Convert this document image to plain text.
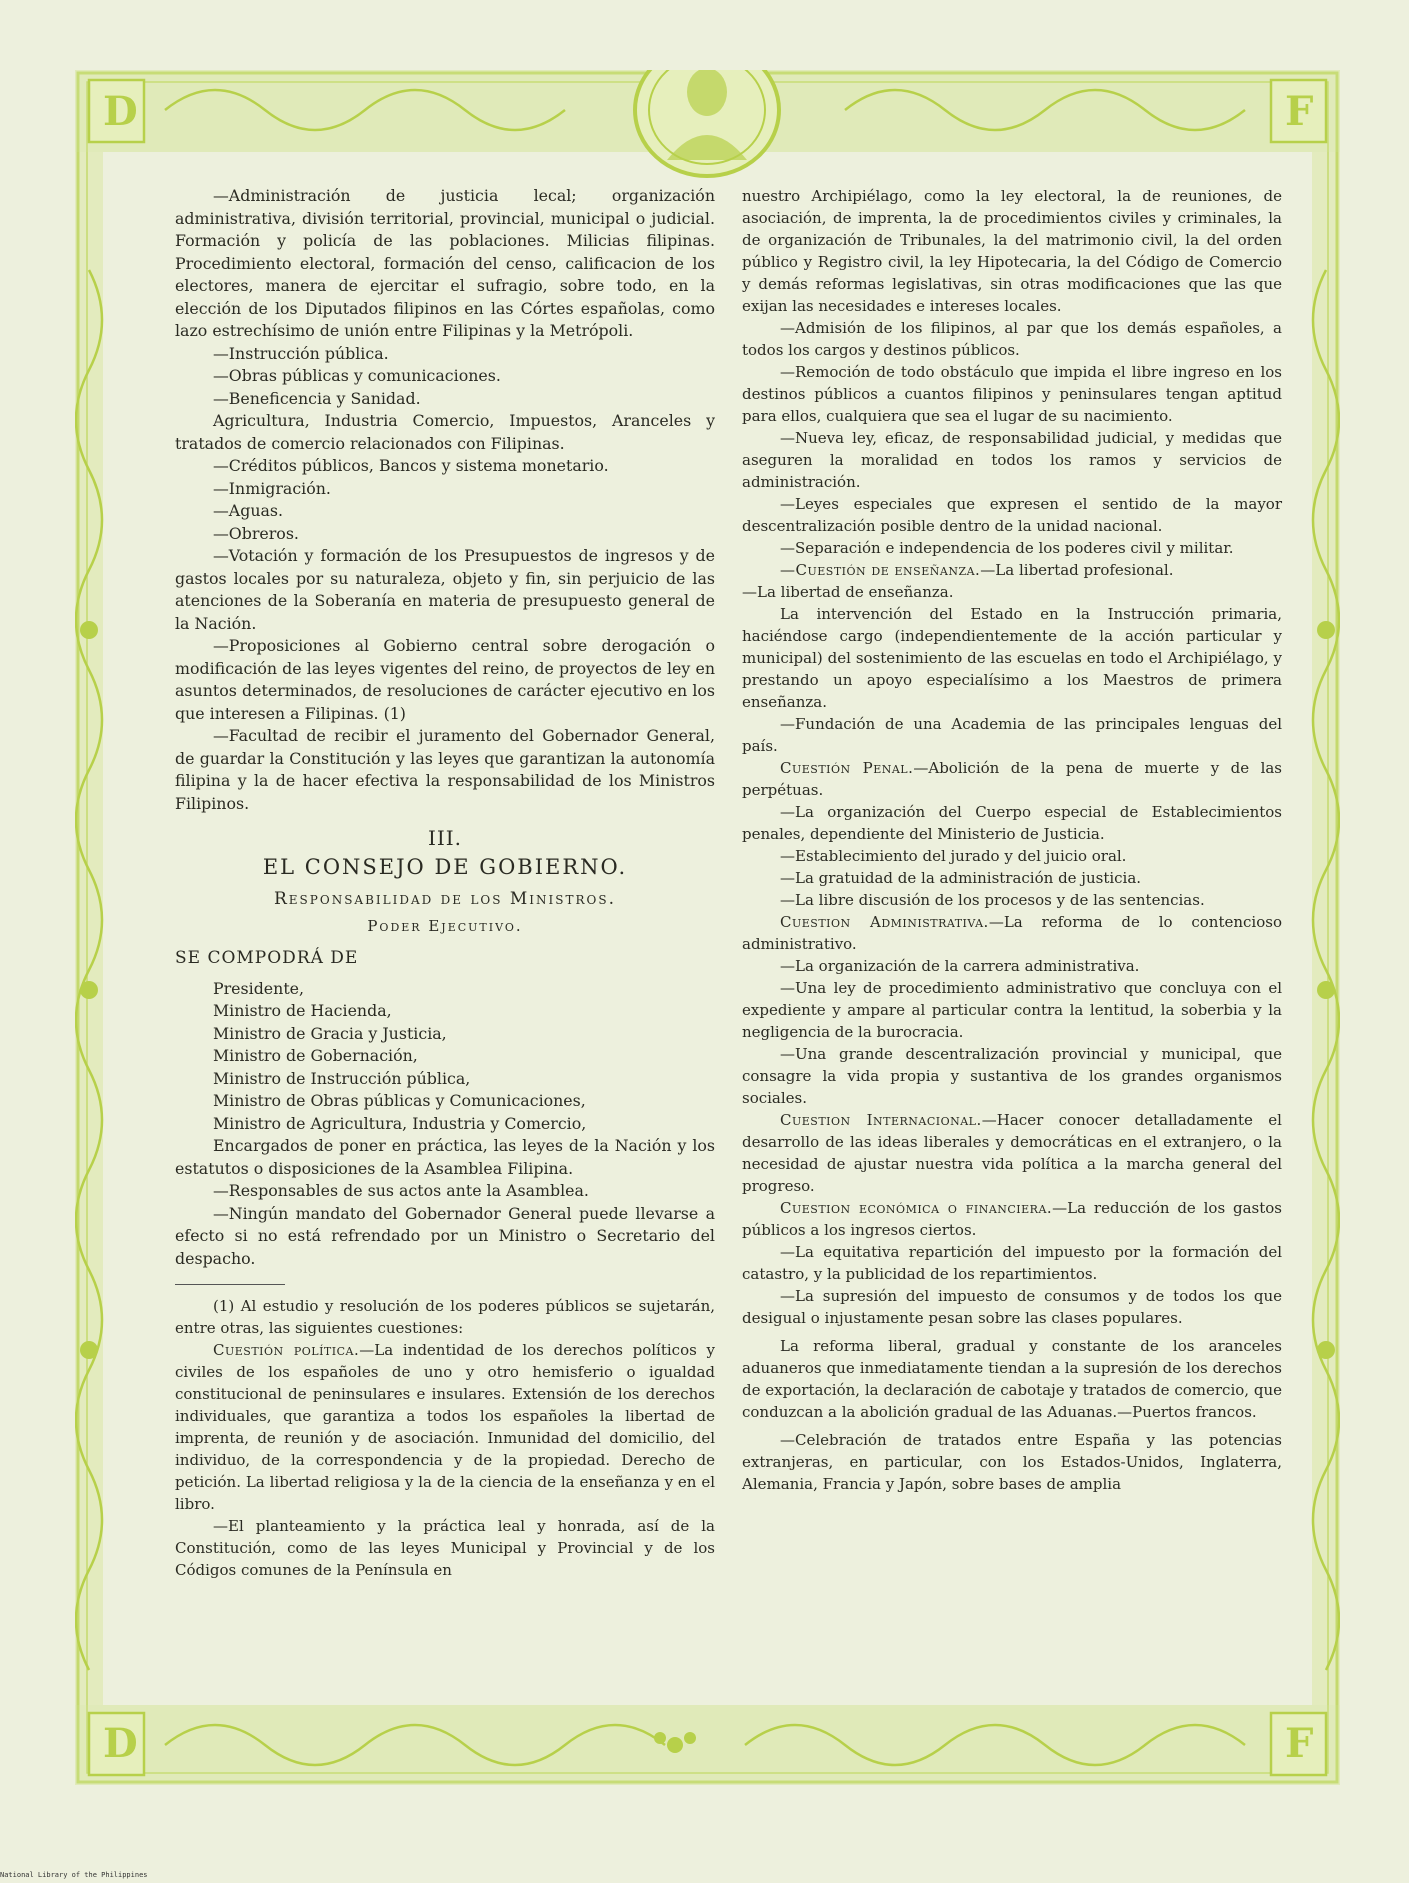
D	F
D	F

—Administración de justicia lecal; organización administrativa, división territorial, provincial, municipal o judicial. Formación y policía de las poblaciones. Milicias filipinas. Procedimiento electoral, formación del censo, calificacion de los electores, manera de ejercitar el sufragio, sobre todo, en la elección de los Diputados filipinos en las Córtes españolas, como lazo estrechísimo de unión entre Filipinas y la Metrópoli.

—Instrucción pública.

—Obras públicas y comunicaciones.

—Beneficencia y Sanidad.

Agricultura, Industria Comercio, Impuestos, Aranceles y tratados de comercio relacionados con Filipinas.

—Créditos públicos, Bancos y sistema monetario.

—Inmigración.

—Aguas.

—Obreros.

—Votación y formación de los Presupuestos de ingresos y de gastos locales por su naturaleza, objeto y fin, sin perjuicio de las atenciones de la Soberanía en materia de presupuesto general de la Nación.

—Proposiciones al Gobierno central sobre derogación o modificación de las leyes vigentes del reino, de proyectos de ley en asuntos determinados, de resoluciones de carácter ejecutivo en los que interesen a Filipinas. (1)

—Facultad de recibir el juramento del Gobernador General, de guardar la Constitución y las leyes que garantizan la autonomía filipina y la de hacer efectiva la responsabilidad de los Ministros Filipinos.

III.
EL CONSEJO DE GOBIERNO.
Responsabilidad de los Ministros.
Poder Ejecutivo.
SE COMPODRÁ DE
Presidente,
Ministro de Hacienda,
Ministro de Gracia y Justicia,
Ministro de Gobernación,
Ministro de Instrucción pública,
Ministro de Obras públicas y Comunicaciones,
Ministro de Agricultura, Industria y Comercio,

Encargados de poner en práctica, las leyes de la Nación y los estatutos o disposiciones de la Asamblea Filipina.

—Responsables de sus actos ante la Asamblea.

—Ningún mandato del Gobernador General puede llevarse a efecto si no está refrendado por un Ministro o Secretario del despacho.

(1) Al estudio y resolución de los poderes públicos se sujetarán, entre otras, las siguientes cuestiones:

Cuestión política.—La indentidad de los derechos políticos y civiles de los españoles de uno y otro hemisferio o igualdad constitucional de peninsulares e insulares. Extensión de los derechos individuales, que garantiza a todos los españoles la libertad de imprenta, de reunión y de asociación. Inmunidad del domicilio, del individuo, de la correspondencia y de la propiedad. Derecho de petición. La libertad religiosa y la de la ciencia de la enseñanza y en el libro.

—El planteamiento y la práctica leal y honrada, así de la Constitución, como de las leyes Municipal y Provincial y de los Códigos comunes de la Península en

nuestro Archipiélago, como la ley electoral, la de reuniones, de asociación, de imprenta, la de procedimientos civiles y criminales, la de organización de Tribunales, la del matrimonio civil, la del orden público y Registro civil, la ley Hipotecaria, la del Código de Comercio y demás reformas legislativas, sin otras modificaciones que las que exijan las necesidades e intereses locales.

—Admisión de los filipinos, al par que los demás españoles, a todos los cargos y destinos públicos.

—Remoción de todo obstáculo que impida el libre ingreso en los destinos públicos a cuantos filipinos y peninsulares tengan aptitud para ellos, cualquiera que sea el lugar de su nacimiento.

—Nueva ley, eficaz, de responsabilidad judicial, y medidas que aseguren la moralidad en todos los ramos y servicios de administración.

—Leyes especiales que expresen el sentido de la mayor descentralización posible dentro de la unidad nacional.

—Separación e independencia de los poderes civil y militar.

—Cuestión de enseñanza.—La libertad profesional.

—La libertad de enseñanza.

La intervención del Estado en la Instrucción primaria, haciéndose cargo (independientemente de la acción particular y municipal) del sostenimiento de las escuelas en todo el Archipiélago, y prestando un apoyo especialísimo a los Maestros de primera enseñanza.

—Fundación de una Academia de las principales lenguas del país.

Cuestión Penal.—Abolición de la pena de muerte y de las perpétuas.

—La organización del Cuerpo especial de Establecimientos penales, dependiente del Ministerio de Justicia.

—Establecimiento del jurado y del juicio oral.

—La gratuidad de la administración de justicia.

—La libre discusión de los procesos y de las sentencias.

Cuestion Administrativa.—La reforma de lo contencioso administrativo.

—La organización de la carrera administrativa.

—Una ley de procedimiento administrativo que concluya con el expediente y ampare al particular contra la lentitud, la soberbia y la negligencia de la burocracia.

—Una grande descentralización provincial y municipal, que consagre la vida propia y sustantiva de los grandes organismos sociales.

Cuestion Internacional.—Hacer conocer detalladamente el desarrollo de las ideas liberales y democráticas en el extranjero, o la necesidad de ajustar nuestra vida política a la marcha general del progreso.

Cuestion económica o financiera.—La reducción de los gastos públicos a los ingresos ciertos.

—La equitativa repartición del impuesto por la formación del catastro, y la publicidad de los repartimientos.

—La supresión del impuesto de consumos y de todos los que desigual o injustamente pesan sobre las clases populares.

La reforma liberal, gradual y constante de los aranceles aduaneros que inmediatamente tiendan a la supresión de los derechos de exportación, la declaración de cabotaje y tratados de comercio, que conduzcan a la abolición gradual de las Aduanas.—Puertos francos.

—Celebración de tratados entre España y las potencias extranjeras, en particular, con los Estados-Unidos, Inglaterra, Alemania, Francia y Japón, sobre bases de amplia

National Library of the Philippines
